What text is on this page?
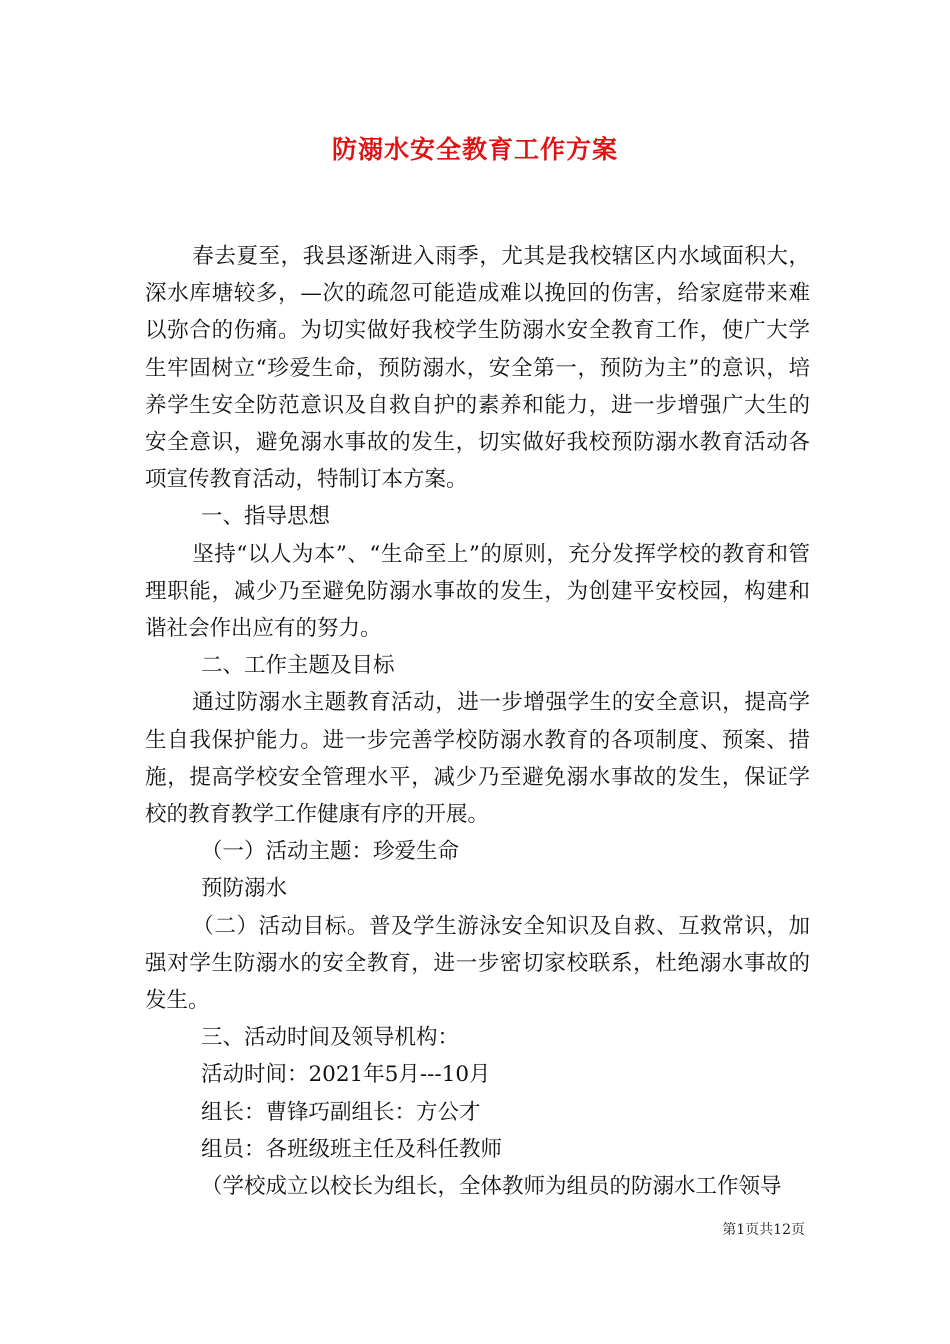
防溺水安全教育工作方案

春去夏至，我县逐渐进入雨季，尤其是我校辖区内水域面积大，深水库塘较多，—次的疏忽可能造成难以挽回的伤害，给家庭带来难以弥合的伤痛。为切实做好我校学生防溺水安全教育工作，使广大学生牢固树立“珍爱生命，预防溺水，安全第一，预防为主”的意识，培养学生安全防范意识及自救自护的素养和能力，进一步增强广大生的安全意识，避免溺水事故的发生，切实做好我校预防溺水教育活动各项宣传教育活动，特制订本方案。

一、指导思想

坚持“以人为本”、“生命至上”的原则，充分发挥学校的教育和管理职能，减少乃至避免防溺水事故的发生，为创建平安校园，构建和谐社会作出应有的努力。

二、工作主题及目标

通过防溺水主题教育活动，进一步增强学生的安全意识，提高学生自我保护能力。进一步完善学校防溺水教育的各项制度、预案、措施，提高学校安全管理水平，减少乃至避免溺水事故的发生，保证学校的教育教学工作健康有序的开展。

（一）活动主题：珍爱生命

预防溺水

（二）活动目标。普及学生游泳安全知识及自救、互救常识，加强对学生防溺水的安全教育，进一步密切家校联系，杜绝溺水事故的发生。

三、活动时间及领导机构：

活动时间：2021年5月---10月

组长：曹锋巧副组长：方公才

组员：各班级班主任及科任教师

（学校成立以校长为组长，全体教师为组员的防溺水工作领导

第1页共12页
